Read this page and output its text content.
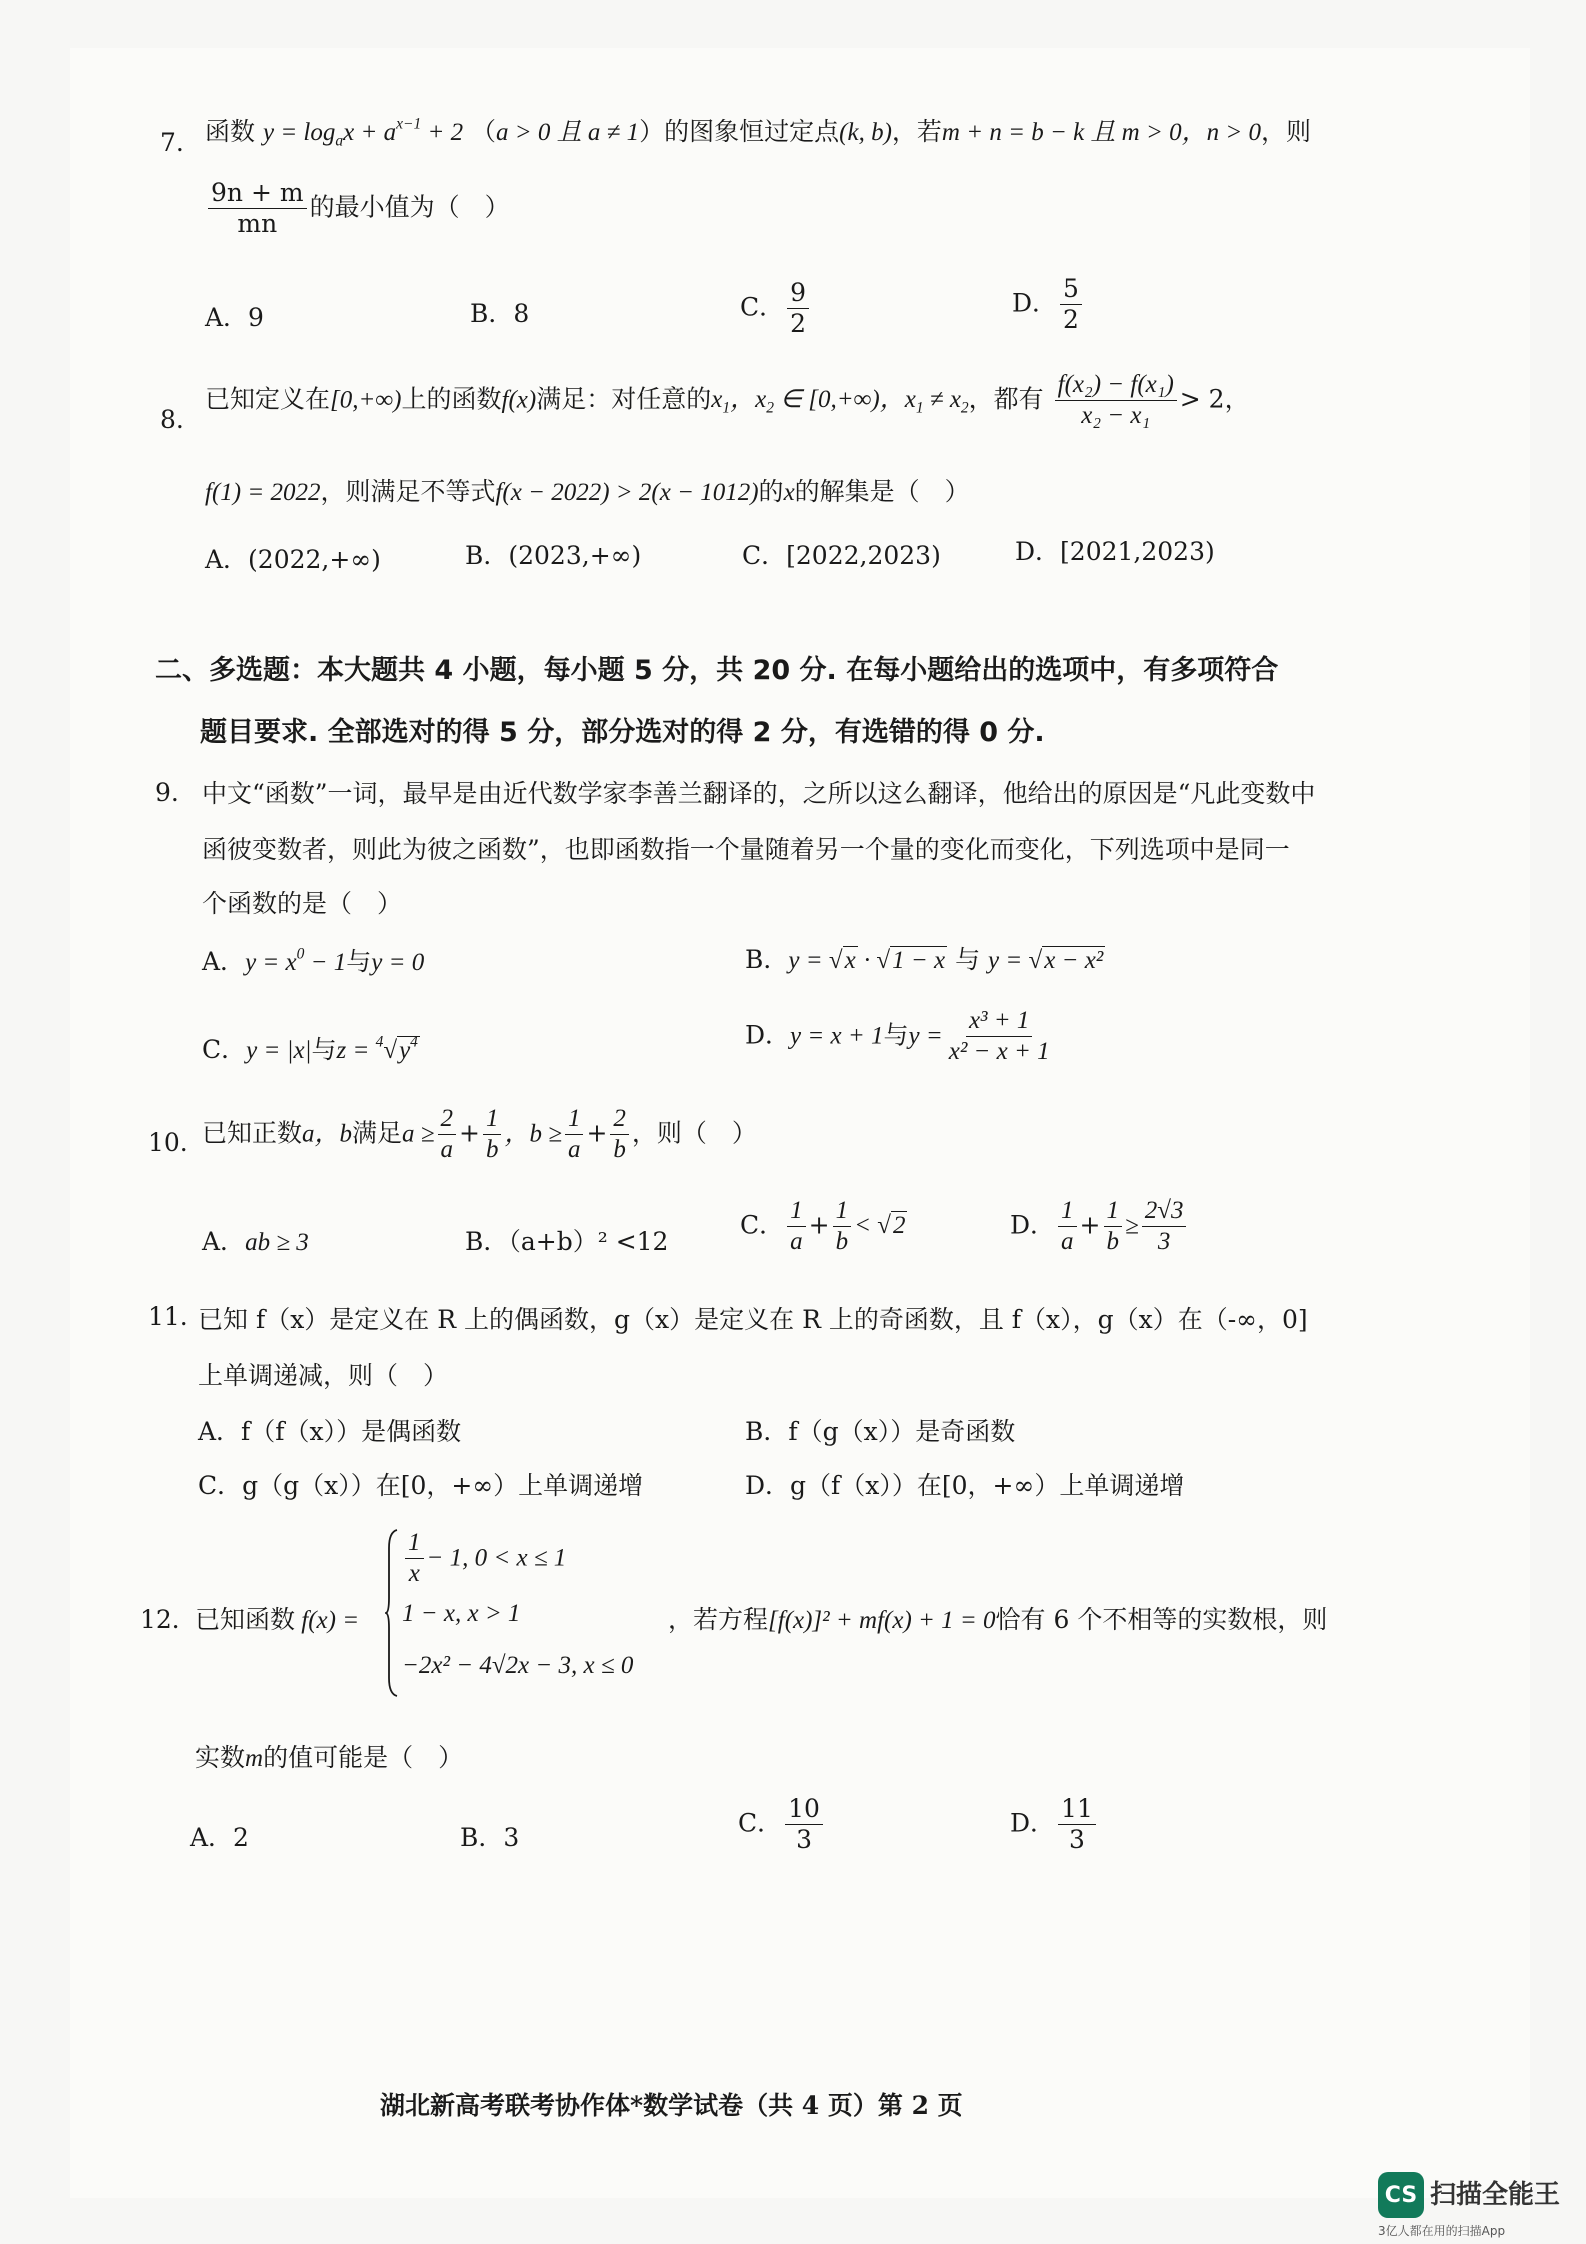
7. 函数 $y = \log_ax + a^{x-1} + 2$ （a > 0 且 a ≠ 1）的图象恒过定点(k, b)，若m + n = b − k 且 m > 0，n > 0，则
$\frac{9n + m}{mn}$ 的最小值为（　）
A．9	B．8	C． $\frac{9}{2}$	D． $\frac{5}{2}$
8.
已知定义在[0,+∞)上的函数f(x)满足：对任意的$x_1$，$x_2$ ∈ [0,+∞)，$x_1 \ne x_2$，都有 $\frac{\text{f(x₂) − f(x₁)}}{\text{x₂ − x₁}} > 2$，
f(1) = 2022，则满足不等式f(x − 2022) > 2(x − 1012)的x的解集是（　）
A．(2022,+∞)	B．(2023,+∞)	C．[2022,2023)	D．[2021,2023)
二、多选题：本大题共 4 小题，每小题 5 分，共 20 分. 在每小题给出的选项中，有多项符合
题目要求. 全部选对的得 5 分，部分选对的得 2 分，有选错的得 0 分.
9. 中文“函数”一词，最早是由近代数学家李善兰翻译的，之所以这么翻译，他给出的原因是“凡此变数中
函彼变数者，则此为彼之函数”，也即函数指一个量随着另一个量的变化而变化，下列选项中是同一
个函数的是（　）
A．$y = x^0 - 1$与y = 0	B．y = √x · √1 − x 与 y = √x − x²
C．y = |x|与$z = ^4√y^4$	D．y = x + 1与$y = \frac{\text{x³ + 1}}{\text{x² − x + 1}}$
10. 已知正数a，b满足$a \ge \frac{2}{a} + \frac{1}{b}$ ，$b \ge \frac{1}{a} + \frac{2}{b}$ ，则（　）
A．ab ≥ 3	B．（a+b）² <12
C． $\frac{1}{a} + \frac{1}{b} < √2$	D． $\frac{1}{a} + \frac{1}{b} \ge \frac{2√3}{3}$
11. 已知 f（x）是定义在 R 上的偶函数，g（x）是定义在 R 上的奇函数，且 f（x），g（x）在（-∞，0]
上单调递减，则（　）
A．f（f（x））是偶函数	B．f（g（x））是奇函数
C．g（g（x））在[0，+∞）上单调递增	D．g（f（x））在[0，+∞）上单调递增
12．
已知函数 f(x) =
$\frac{1}{x} - 1$, 0 < x ≤ 1
1 − x, x > 1
−2x² − 4√2x − 3, x ≤ 0
，若方程[f(x)]² + mf(x) + 1 = 0恰有 6 个不相等的实数根，则
实数m的值可能是（　）
A．2	B．3
C． $\frac{10}{3}$	D． $\frac{11}{3}$
湖北新高考联考协作体*数学试卷（共 4 页）第 2 页
CS 扫描全能王
3亿人都在用的扫描App
